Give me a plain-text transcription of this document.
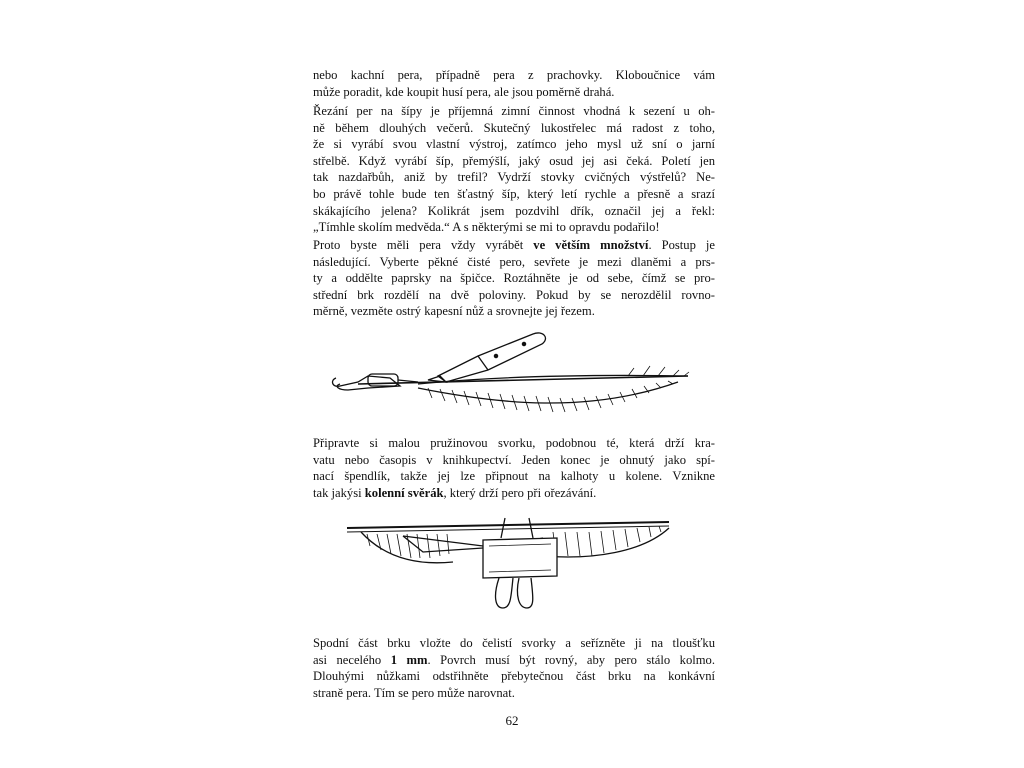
nebo kachní pera, případně pera z prachovky. Kloboučnice vám
může poradit, kde koupit husí pera, ale jsou poměrně drahá.
Řezání per na šípy je příjemná zimní činnost vhodná k sezení u oh-
ně během dlouhých večerů. Skutečný lukostřelec má radost z toho,
že si vyrábí svou vlastní výstroj, zatímco jeho mysl už sní o jarní
střelbě. Když vyrábí šíp, přemýšlí, jaký osud jej asi čeká. Poletí jen
tak nazdařbůh, aniž by trefil? Vydrží stovky cvičných výstřelů? Ne-
bo právě tohle bude ten šťastný šíp, který letí rychle a přesně a srazí
skákajícího jelena? Kolikrát jsem pozdvihl dřík, označil jej a řekl:
„Tímhle skolím medvěda.“ A s některými se mi to opravdu podařilo!
Proto byste měli pera vždy vyrábět ve větším množství. Postup je
následující. Vyberte pěkné čisté pero, sevřete je mezi dlaněmi a prs-
ty a oddělte paprsky na špičce. Roztáhněte je od sebe, čímž se pro-
střední brk rozdělí na dvě poloviny. Pokud by se nerozdělil rovno-
měrně, vezměte ostrý kapesní nůž a srovnejte jej řezem.
Připravte si malou pružinovou svorku, podobnou té, která drží kra-
vatu nebo časopis v knihkupectví. Jeden konec je ohnutý jako spí-
nací špendlík, takže jej lze připnout na kalhoty u kolene. Vznikne
tak jakýsi kolenní svěrák, který drží pero při ořezávání.
Spodní část brku vložte do čelistí svorky a seřízněte ji na tloušťku
asi necelého 1 mm. Povrch musí být rovný, aby pero stálo kolmo.
Dlouhými nůžkami odstřihněte přebytečnou část brku na konkávní
straně pera. Tím se pero může narovnat.
62
